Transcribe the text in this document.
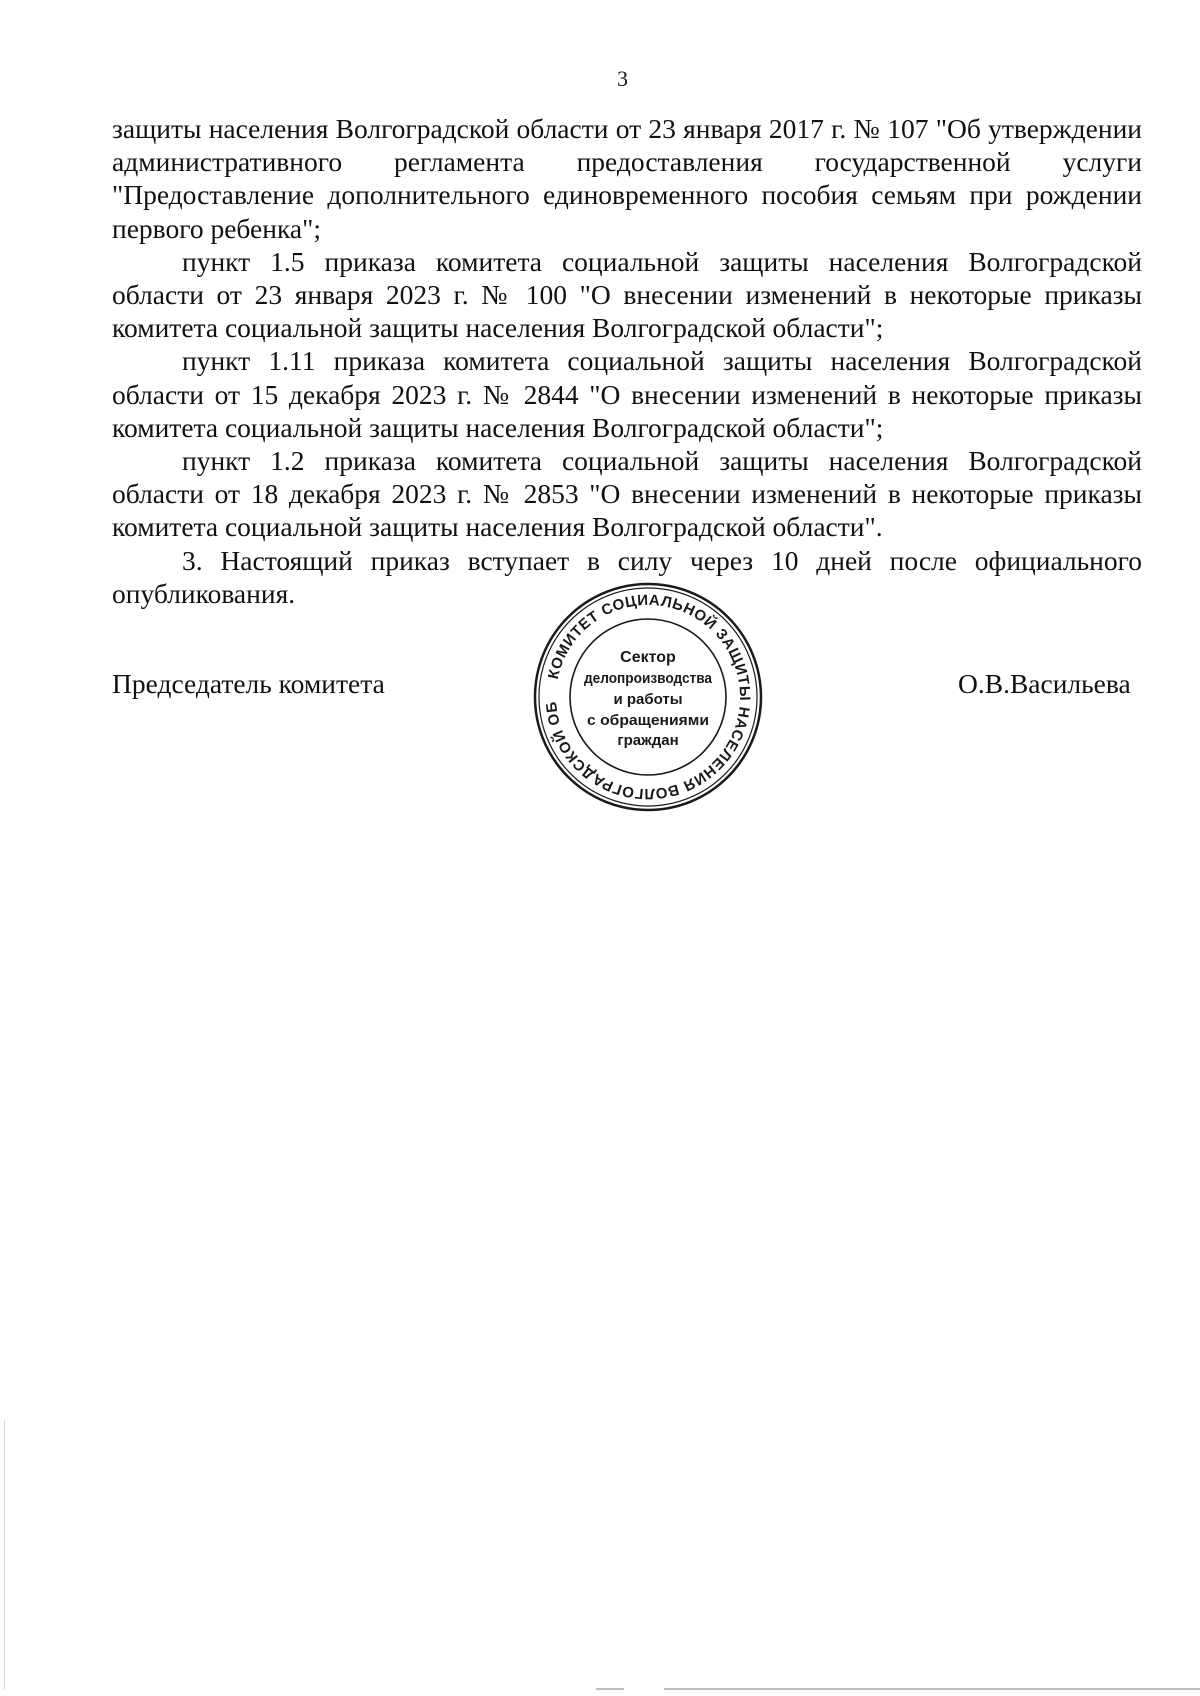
3

защиты населения Волгоградской области от 23 января 2017 г. № 107 "Об утверждении административного регламента предоставления государственной услуги "Предоставление дополнительного единовременного пособия семьям при рождении первого ребенка";

пункт 1.5 приказа комитета социальной защиты населения Волгоградской области от 23 января 2023 г. № 100 "О внесении изменений в некоторые приказы комитета социальной защиты населения Волгоградской области";

пункт 1.11 приказа комитета социальной защиты населения Волгоградской области от 15 декабря 2023 г. № 2844 "О внесении изменений в некоторые приказы комитета социальной защиты населения Волгоградской области";

пункт 1.2 приказа комитета социальной защиты населения Волгоградской области от 18 декабря 2023 г. № 2853 "О внесении изменений в некоторые приказы комитета социальной защиты населения Волгоградской области".

3. Настоящий приказ вступает в силу через 10 дней после официального опубликования.

Председатель комитета	О.В.Васильева
КОМИТЕТ СОЦИАЛЬНОЙ ЗАЩИТЫ НАСЕЛЕНИЯ ВОЛГОГРАДСКОЙ ОБ
Сектор
делопроизводства
и работы
с обращениями
граждан
